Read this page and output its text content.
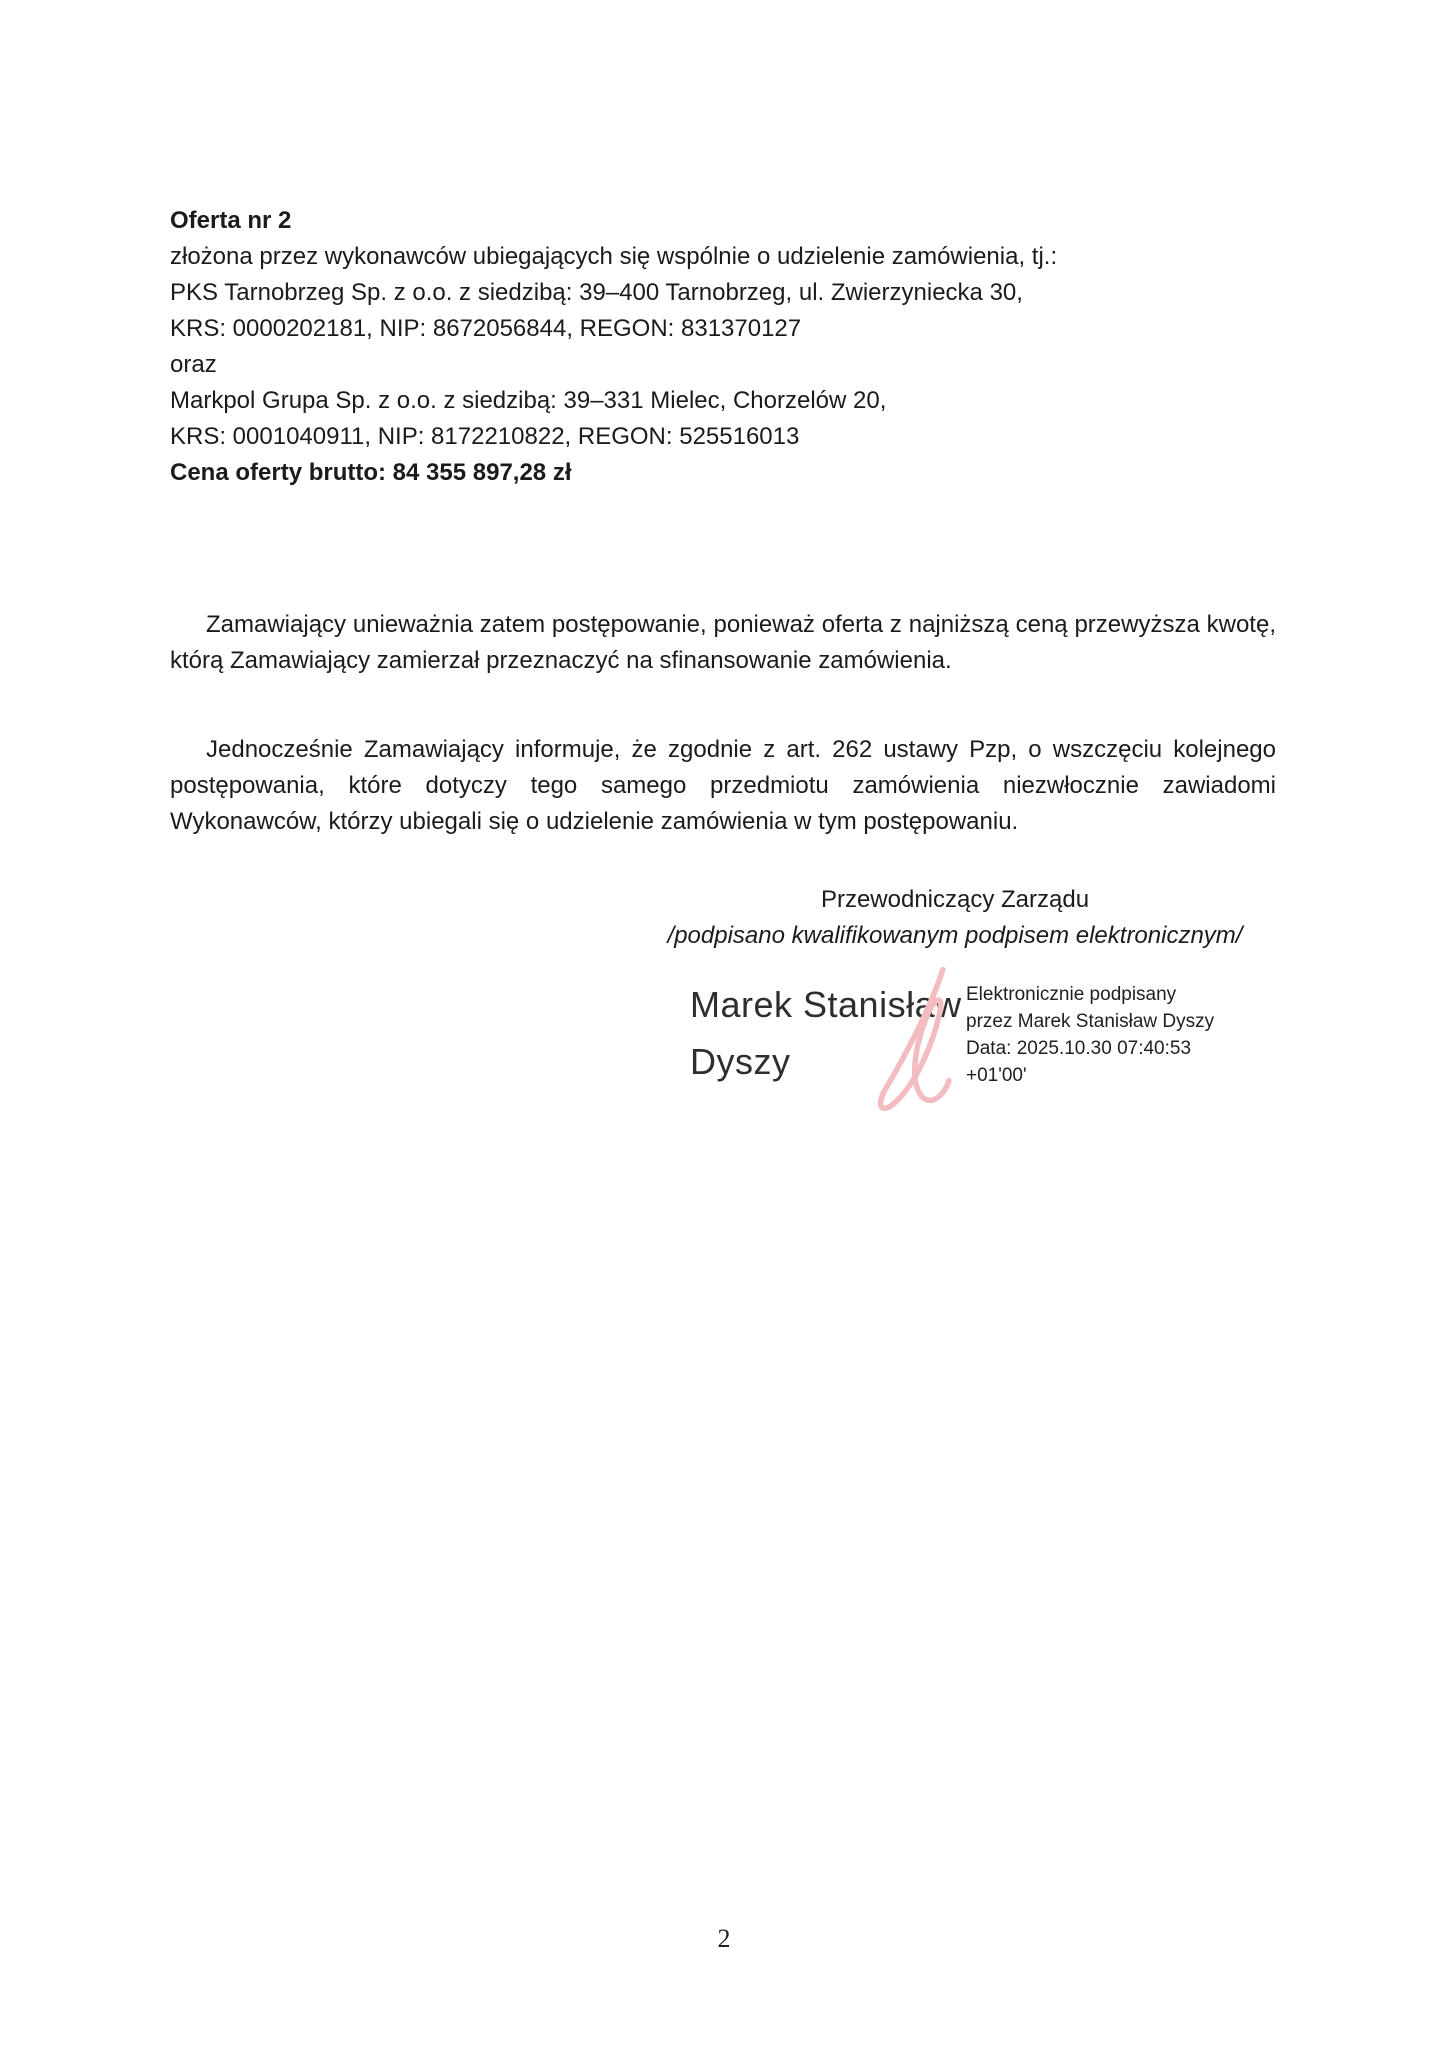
Oferta nr 2
złożona przez wykonawców ubiegających się wspólnie o udzielenie zamówienia, tj.:
PKS Tarnobrzeg Sp. z o.o. z siedzibą: 39–400 Tarnobrzeg, ul. Zwierzyniecka 30,
KRS: 0000202181, NIP: 8672056844, REGON: 831370127
oraz
Markpol Grupa Sp. z o.o. z siedzibą: 39–331 Mielec, Chorzelów 20,
KRS: 0001040911, NIP: 8172210822, REGON: 525516013
Cena oferty brutto: 84 355 897,28 zł

Zamawiający unieważnia zatem postępowanie, ponieważ oferta z najniższą ceną przewyższa kwotę, którą Zamawiający zamierzał przeznaczyć na sfinansowanie zamówienia.

Jednocześnie Zamawiający informuje, że zgodnie z art. 262 ustawy Pzp, o wszczęciu kolejnego postępowania, które dotyczy tego samego przedmiotu zamówienia niezwłocznie zawiadomi Wykonawców, którzy ubiegali się o udzielenie zamówienia w tym postępowaniu.

Przewodniczący Zarządu
/podpisano kwalifikowanym podpisem elektronicznym/
Marek Stanisław Dyszy
Elektronicznie podpisany
przez Marek Stanisław Dyszy
Data: 2025.10.30 07:40:53
+01'00'
2
